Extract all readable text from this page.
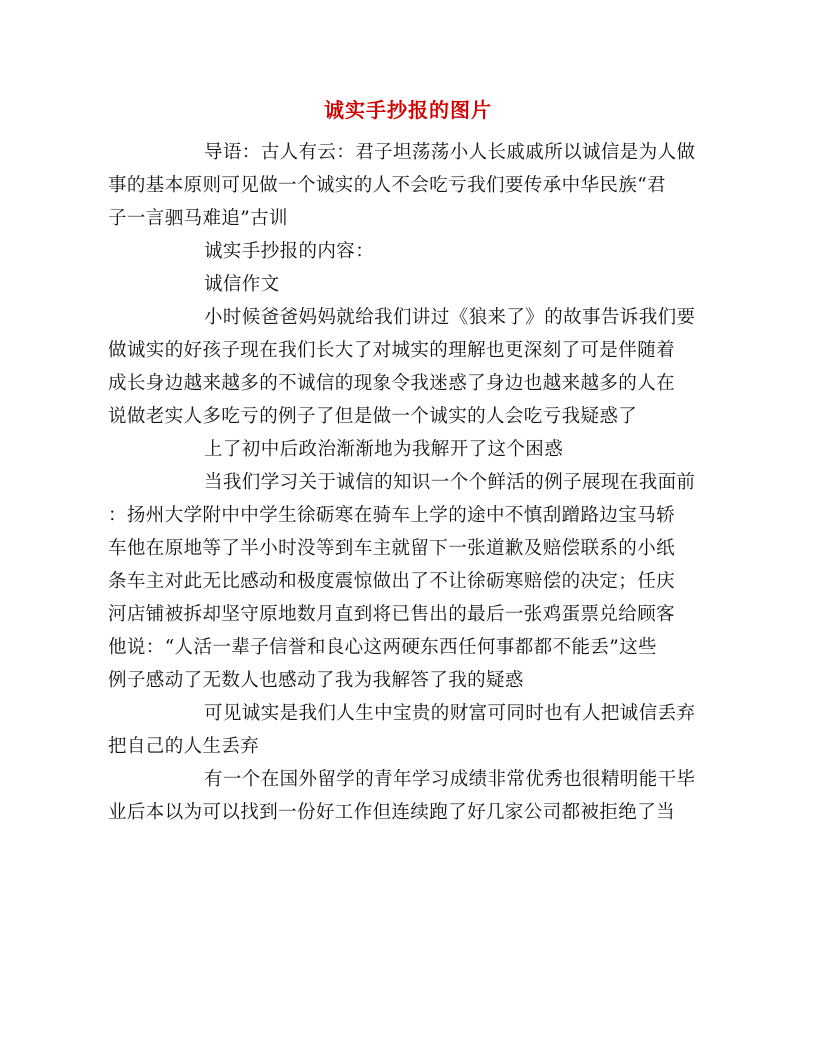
诚实手抄报的图片
导语：古人有云：君子坦荡荡小人长戚戚所以诚信是为人做
事的基本原则可见做一个诚实的人不会吃亏我们要传承中华民族“君
子一言驷马难追”古训
诚实手抄报的内容：
诚信作文
小时候爸爸妈妈就给我们讲过《狼来了》的故事告诉我们要
做诚实的好孩子现在我们长大了对城实的理解也更深刻了可是伴随着
成长身边越来越多的不诚信的现象令我迷惑了身边也越来越多的人在
说做老实人多吃亏的例子了但是做一个诚实的人会吃亏我疑惑了
上了初中后政治渐渐地为我解开了这个困惑
当我们学习关于诚信的知识一个个鲜活的例子展现在我面前
：扬州大学附中中学生徐砺寒在骑车上学的途中不慎刮蹭路边宝马轿
车他在原地等了半小时没等到车主就留下一张道歉及赔偿联系的小纸
条车主对此无比感动和极度震惊做出了不让徐砺寒赔偿的决定；任庆
河店铺被拆却坚守原地数月直到将已售出的最后一张鸡蛋票兑给顾客
他说：“人活一辈子信誉和良心这两硬东西任何事都都不能丢”这些
例子感动了无数人也感动了我为我解答了我的疑惑
可见诚实是我们人生中宝贵的财富可同时也有人把诚信丢弃
把自己的人生丢弃
有一个在国外留学的青年学习成绩非常优秀也很精明能干毕
业后本以为可以找到一份好工作但连续跑了好几家公司都被拒绝了当
